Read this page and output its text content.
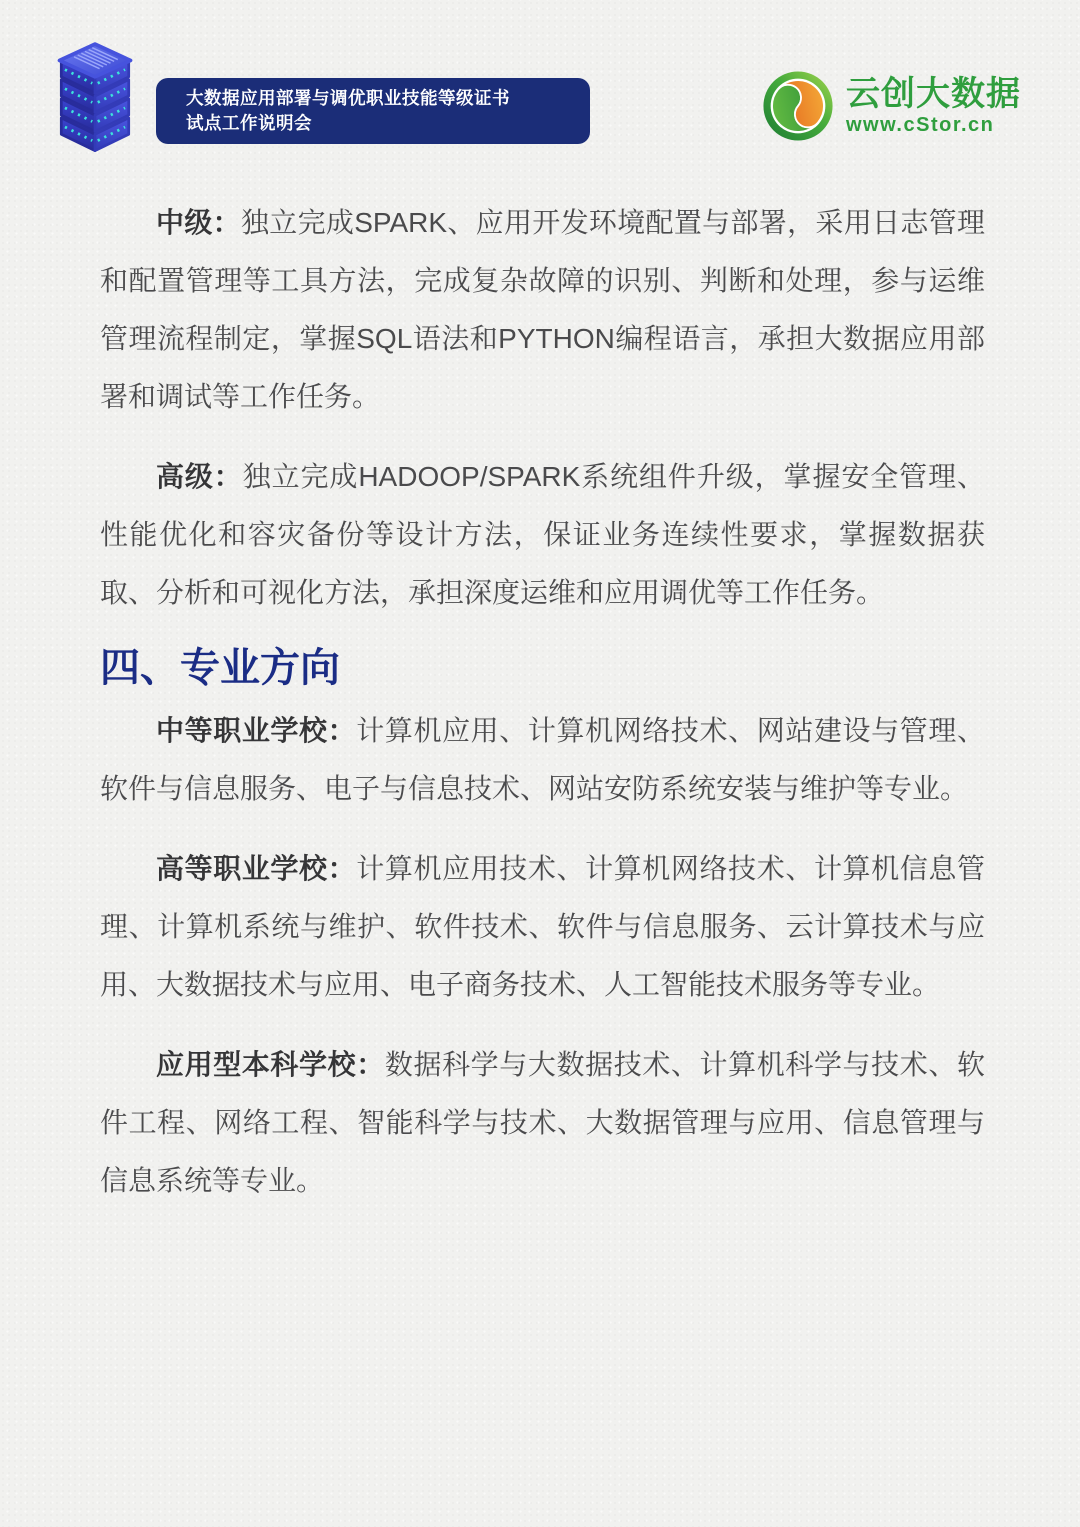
大数据应用部署与调优职业技能等级证书
试点工作说明会
云创大数据
www.cStor.cn

中级：独立完成SPARK、应用开发环境配置与部署，采用日志管理和配置管理等工具方法，完成复杂故障的识别、判断和处理，参与运维管理流程制定，掌握SQL语法和PYTHON编程语言，承担大数据应用部署和调试等工作任务。

高级：独立完成HADOOP/SPARK系统组件升级，掌握安全管理、性能优化和容灾备份等设计方法，保证业务连续性要求，掌握数据获取、分析和可视化方法，承担深度运维和应用调优等工作任务。

四、专业方向

中等职业学校：计算机应用、计算机网络技术、网站建设与管理、软件与信息服务、电子与信息技术、网站安防系统安装与维护等专业。

高等职业学校：计算机应用技术、计算机网络技术、计算机信息管理、计算机系统与维护、软件技术、软件与信息服务、云计算技术与应用、大数据技术与应用、电子商务技术、人工智能技术服务等专业。

应用型本科学校：数据科学与大数据技术、计算机科学与技术、软件工程、网络工程、智能科学与技术、大数据管理与应用、信息管理与信息系统等专业。
